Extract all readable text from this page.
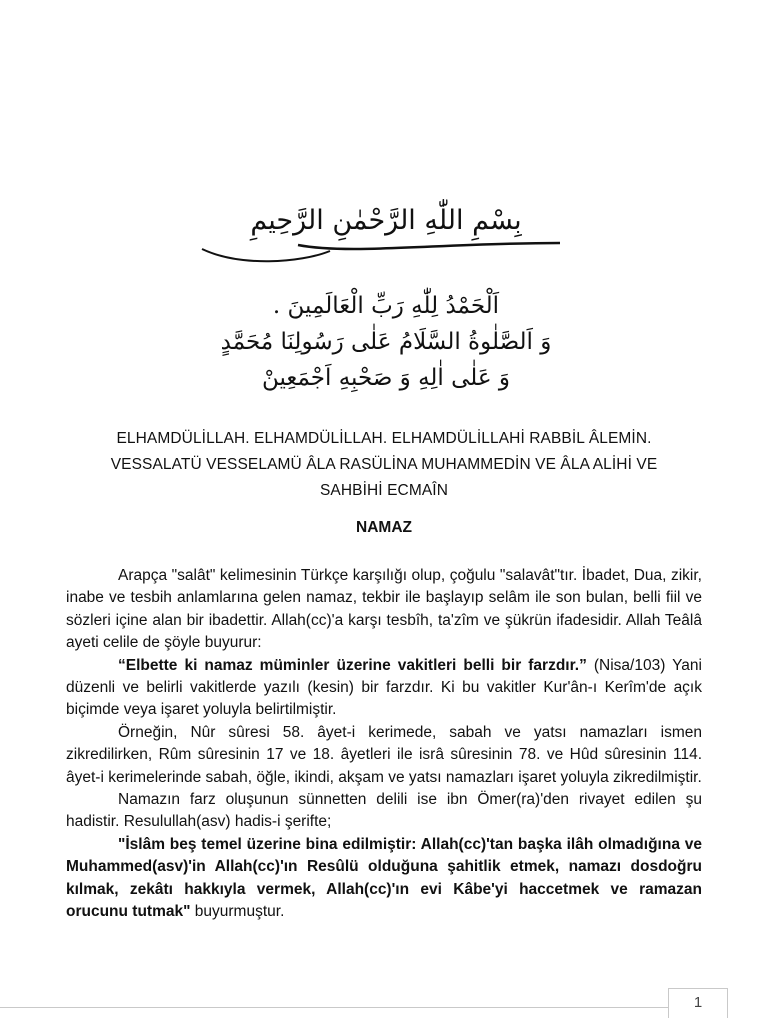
بِسْمِ اللّٰهِ الرَّحْمٰنِ الرَّحِيمِ
اَلْحَمْدُ لِلّٰهِ رَبِّ الْعَالَمِينَ .
وَ اَلصَّلٰوةُ السَّلَامُ عَلٰى رَسُولِنَا مُحَمَّدٍ
وَ عَلٰى اٰلِهِ وَ صَحْبِهِ اَجْمَعِينْ
ELHAMDÜLİLLAH. ELHAMDÜLİLLAH. ELHAMDÜLİLLAHİ RABBİL ÂLEMİN.
VESSALATÜ VESSELAMÜ ÂLA RASÜLİNA MUHAMMEDİN VE ÂLA ALİHİ VE
SAHBİHİ ECMAÎN
NAMAZ

Arapça "salât" kelimesinin Türkçe karşılığı olup, çoğulu "salavât"tır. İbadet, Dua, zikir, inabe ve tesbih anlamlarına gelen namaz, tekbir ile başlayıp selâm ile son bulan, belli fiil ve sözleri içine alan bir ibadettir. Allah(cc)'a karşı tesbîh, ta'zîm ve şükrün ifadesidir. Allah Teâlâ ayeti celile de şöyle buyurur:

“Elbette ki namaz müminler üzerine vakitleri belli bir farzdır.” (Nisa/103) Yani düzenli ve belirli vakitlerde yazılı (kesin) bir farzdır. Ki bu vakitler Kur'ân-ı Kerîm'de açık biçimde veya işaret yoluyla belirtilmiştir.

Örneğin, Nûr sûresi 58. âyet-i kerimede, sabah ve yatsı namazları ismen zikredilirken, Rûm sûresinin 17 ve 18. âyetleri ile isrâ sûresinin 78. ve Hûd sûresinin 114. âyet-i kerimelerinde sabah, öğle, ikindi, akşam ve yatsı namazları işaret yoluyla zikredilmiştir.

Namazın farz oluşunun sünnetten delili ise ibn Ömer(ra)'den rivayet edilen şu hadistir. Resulullah(asv) hadis-i şerifte;

"İslâm beş temel üzerine bina edilmiştir: Allah(cc)'tan başka ilâh olmadığına ve Muhammed(asv)'in Allah(cc)'ın Resûlü olduğuna şahitlik etmek, namazı dosdoğru kılmak, zekâtı hakkıyla vermek, Allah(cc)'ın evi Kâbe'yi haccetmek ve ramazan orucunu tutmak" buyurmuştur.

1
